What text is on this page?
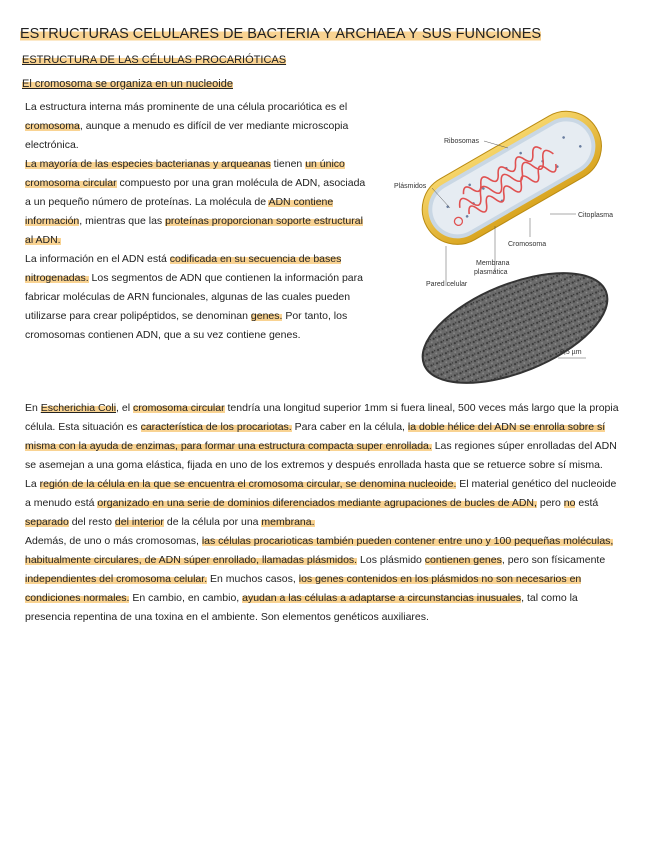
ESTRUCTURAS CELULARES DE BACTERIA Y ARCHAEA Y SUS FUNCIONES
ESTRUCTURA DE LAS CÉLULAS PROCARIÓTICAS
El cromosoma se organiza en un nucleoide

La estructura interna más prominente de una célula procariótica es el cromosoma, aunque a menudo es difícil de ver mediante microscopia electrónica.

La mayoría de las especies bacterianas y arqueanas tienen un único cromosoma circular compuesto por una gran molécula de ADN, asociada a un pequeño número de proteínas. La molécula de ADN contiene información, mientras que las proteínas proporcionan soporte estructural al ADN.

La información en el ADN está codificada en su secuencia de bases nitrogenadas. Los segmentos de ADN que contienen la información para fabricar moléculas de ARN funcionales, algunas de las cuales pueden utilizarse para crear polipéptidos, se denominan genes. Por tanto, los cromosomas contienen ADN, que a su vez contiene genes.

Ribosomas
Plásmidos
Citoplasma
Cromosoma
Membrana
plasmática
Pared celular
0,5 µm

En Escherichia Coli, el cromosoma circular tendría una longitud superior 1mm si fuera lineal, 500 veces más largo que la propia célula. Esta situación es característica de los procariotas. Para caber en la célula, la doble hélice del ADN se enrolla sobre sí misma con la ayuda de enzimas, para formar una estructura compacta super enrollada. Las regiones súper enrolladas del ADN se asemejan a una goma elástica, fijada en uno de los extremos y después enrollada hasta que se retuerce sobre sí misma.

La región de la célula en la que se encuentra el cromosoma circular, se denomina nucleoide. El material genético del nucleoide a menudo está organizado en una serie de dominios diferenciados mediante agrupaciones de bucles de ADN, pero no está separado del resto del interior de la célula por una membrana.

Además, de uno o más cromosomas, las células procarioticas también pueden contener entre uno y 100 pequeñas moléculas, habitualmente circulares, de ADN súper enrollado, llamadas plásmidos. Los plásmido contienen genes, pero son físicamente independientes del cromosoma celular. En muchos casos, los genes contenidos en los plásmidos no son necesarios en condiciones normales. En cambio, en cambio, ayudan a las células a adaptarse a circunstancias inusuales, tal como la presencia repentina de una toxina en el ambiente. Son elementos genéticos auxiliares.
